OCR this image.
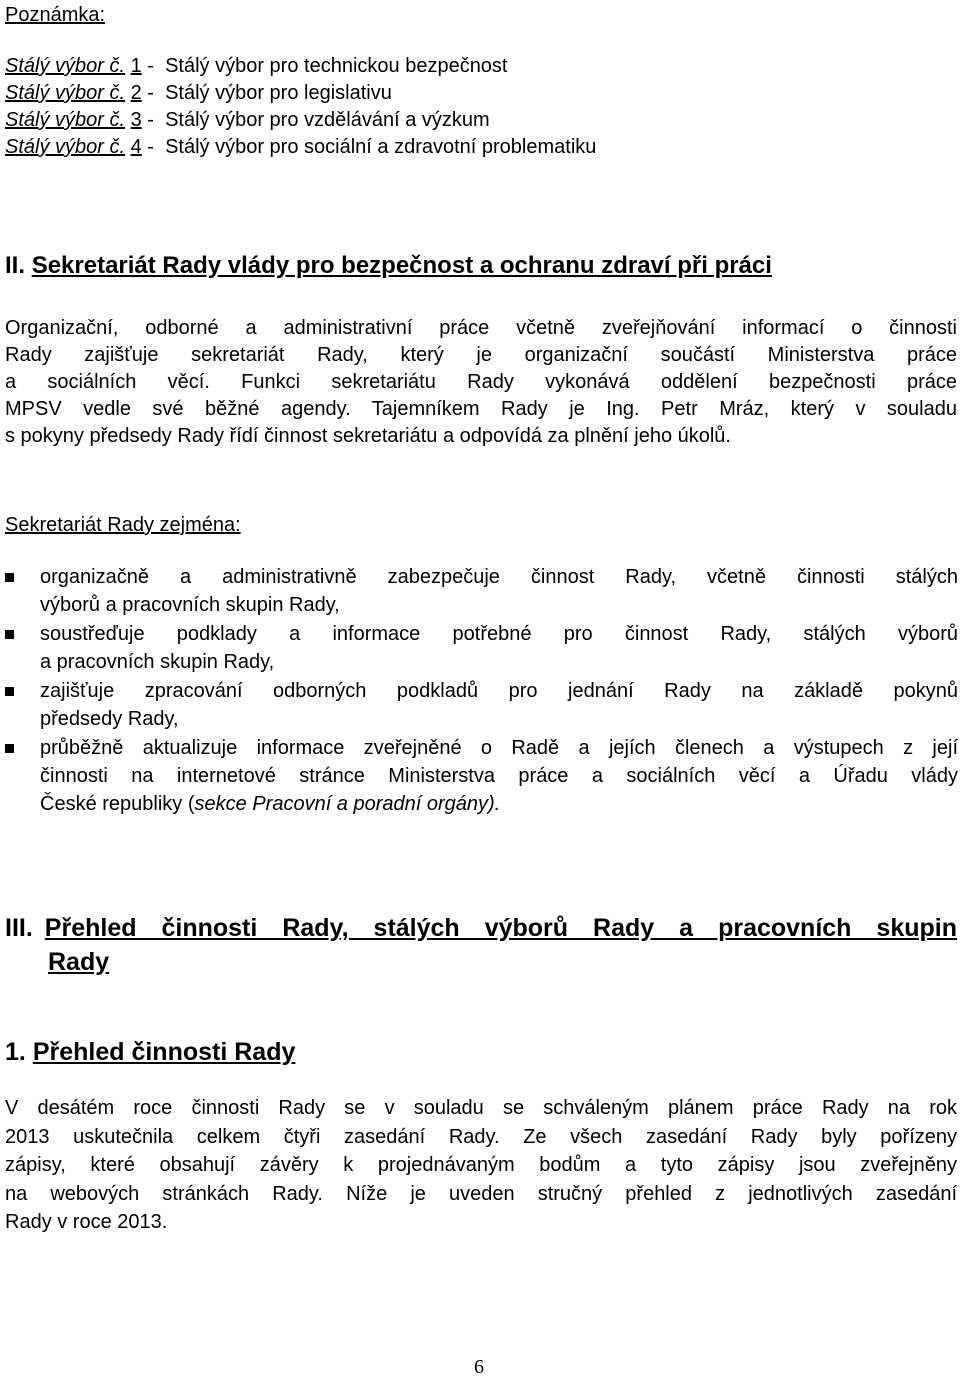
Poznámka:

Stálý výbor č. 1 -  Stálý výbor pro technickou bezpečnost
Stálý výbor č. 2 -  Stálý výbor pro legislativu
Stálý výbor č. 3 -  Stálý výbor pro vzdělávání a výzkum
Stálý výbor č. 4 -  Stálý výbor pro sociální a zdravotní problematiku

II. Sekretariát Rady vlády pro bezpečnost a ochranu zdraví při práci

Organizační, odborné a administrativní práce včetně zveřejňování informací o činnosti
Rady zajišťuje sekretariát Rady, který je organizační součástí Ministerstva práce
a sociálních věcí. Funkci sekretariátu Rady vykonává oddělení bezpečnosti práce
MPSV vedle své běžné agendy. Tajemníkem Rady je Ing. Petr Mráz, který v souladu
s pokyny předsedy Rady řídí činnost sekretariátu a odpovídá za plnění jeho úkolů.

Sekretariát Rady zejména:

organizačně a administrativně zabezpečuje činnost Rady, včetně činnosti stálých
výborů a pracovních skupin Rady,
soustřeďuje podklady a informace potřebné pro činnost Rady, stálých výborů
a pracovních skupin Rady,
zajišťuje zpracování odborných podkladů pro jednání Rady na základě pokynů
předsedy Rady,
průběžně aktualizuje informace zveřejněné o Radě a jejích členech a výstupech z její
činnosti na internetové stránce Ministerstva práce a sociálních věcí a Úřadu vlády
České republiky (sekce Pracovní a poradní orgány).
III. Přehled činnosti Rady, stálých výborů Rady a pracovních skupin
Rady

1. Přehled činnosti Rady

V desátém roce činnosti Rady se v souladu se schváleným plánem práce Rady na rok
2013 uskutečnila celkem čtyři zasedání Rady. Ze všech zasedání Rady byly pořízeny
zápisy, které obsahují závěry k projednávaným bodům a tyto zápisy jsou zveřejněny
na webových stránkách Rady. Níže je uveden stručný přehled z jednotlivých zasedání
Rady v roce 2013.

6
